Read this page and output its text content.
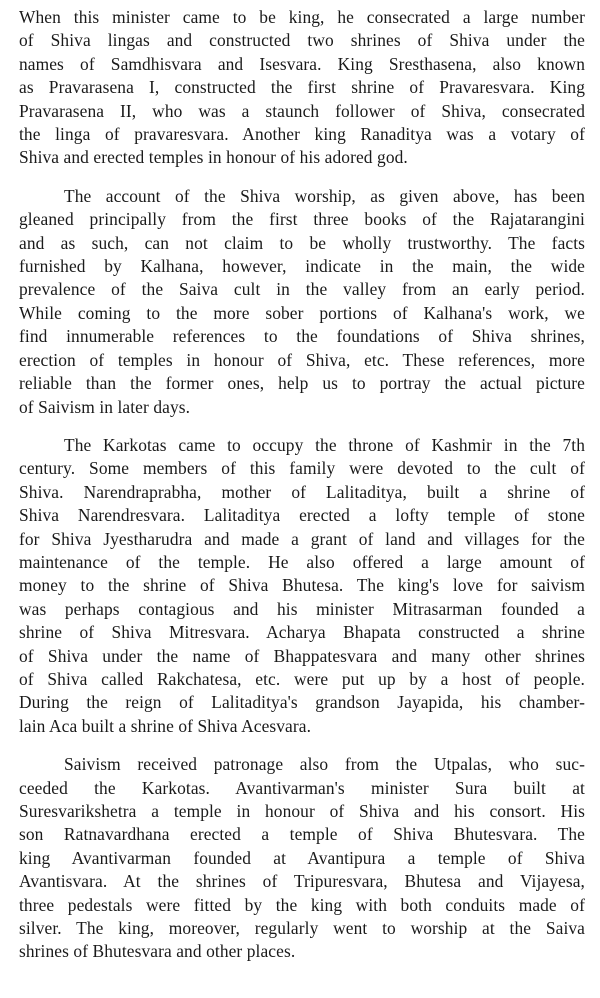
When this minister came to be king, he consecrated a large number
of Shiva lingas and constructed two shrines of Shiva under the
names of Samdhisvara and Isesvara. King Sresthasena, also known
as Pravarasena I, constructed the first shrine of Pravaresvara. King
Pravarasena II, who was a staunch follower of Shiva, consecrated
the linga of pravaresvara. Another king Ranaditya was a votary of
Shiva and erected temples in honour of his adored god.
The account of the Shiva worship, as given above, has been
gleaned principally from the first three books of the Rajatarangini
and as such, can not claim to be wholly trustworthy. The facts
furnished by Kalhana, however, indicate in the main, the wide
prevalence of the Saiva cult in the valley from an early period.
While coming to the more sober portions of Kalhana's work, we
find innumerable references to the foundations of Shiva shrines,
erection of temples in honour of Shiva, etc. These references, more
reliable than the former ones, help us to portray the actual picture
of Saivism in later days.
The Karkotas came to occupy the throne of Kashmir in the 7th
century. Some members of this family were devoted to the cult of
Shiva. Narendraprabha, mother of Lalitaditya, built a shrine of
Shiva Narendresvara. Lalitaditya erected a lofty temple of stone
for Shiva Jyestharudra and made a grant of land and villages for the
maintenance of the temple. He also offered a large amount of
money to the shrine of Shiva Bhutesa. The king's love for saivism
was perhaps contagious and his minister Mitrasarman founded a
shrine of Shiva Mitresvara. Acharya Bhapata constructed a shrine
of Shiva under the name of Bhappatesvara and many other shrines
of Shiva called Rakchatesa, etc. were put up by a host of people.
During the reign of Lalitaditya's grandson Jayapida, his chamber-
lain Aca built a shrine of Shiva Acesvara.
Saivism received patronage also from the Utpalas, who suc-
ceeded the Karkotas. Avantivarman's minister Sura built at
Suresvarikshetra a temple in honour of Shiva and his consort. His
son Ratnavardhana erected a temple of Shiva Bhutesvara. The
king Avantivarman founded at Avantipura a temple of Shiva
Avantisvara. At the shrines of Tripuresvara, Bhutesa and Vijayesa,
three pedestals were fitted by the king with both conduits made of
silver. The king, moreover, regularly went to worship at the Saiva
shrines of Bhutesvara and other places.
